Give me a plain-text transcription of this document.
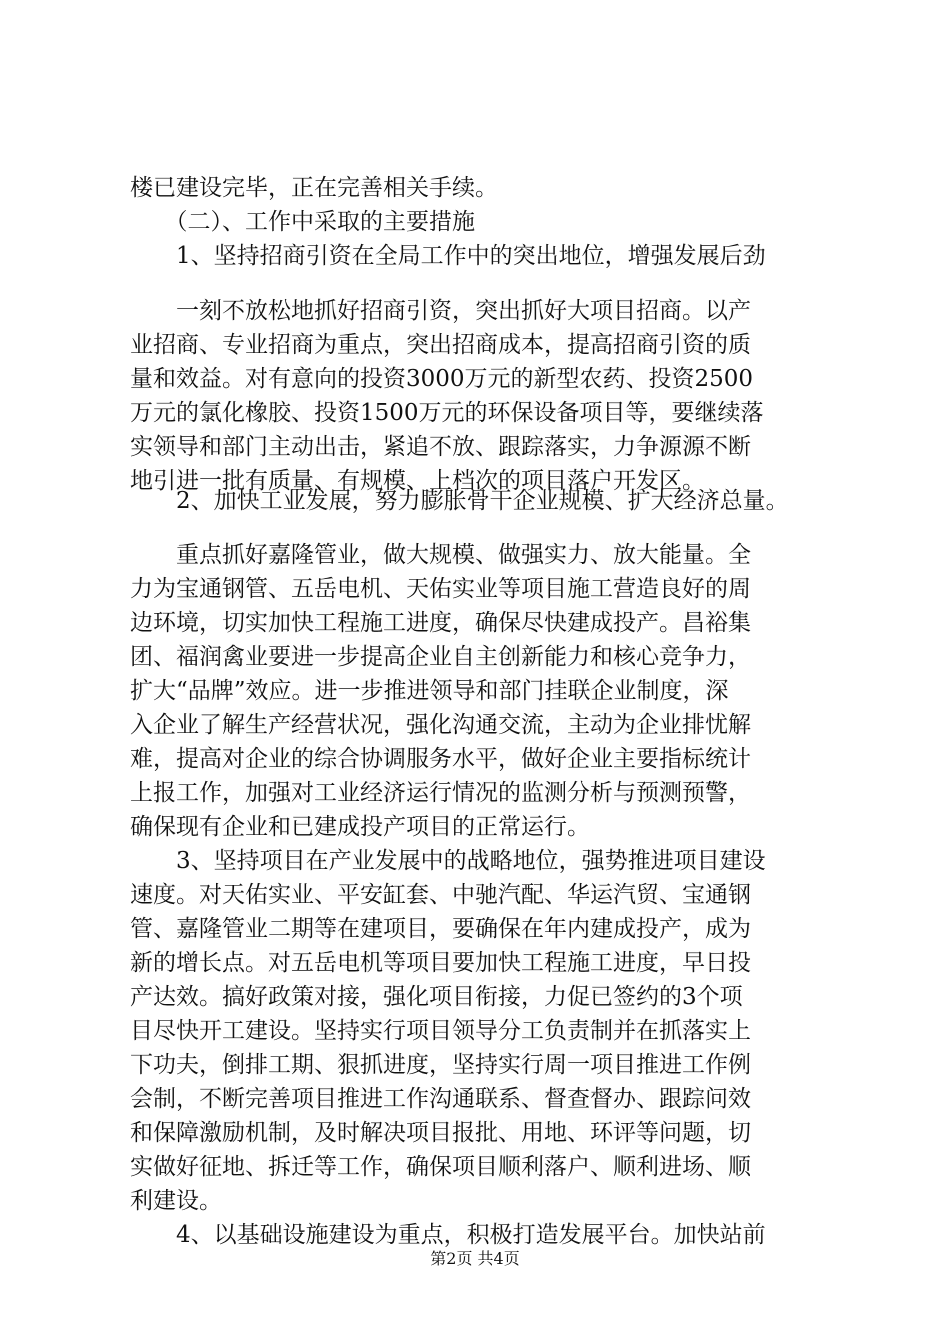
楼已建设完毕，正在完善相关手续。
　　（二）、工作中采取的主要措施
　　1、坚持招商引资在全局工作中的突出地位，增强发展后劲
　　一刻不放松地抓好招商引资，突出抓好大项目招商。以产
业招商、专业招商为重点，突出招商成本，提高招商引资的质
量和效益。对有意向的投资3000万元的新型农药、投资2500
万元的氯化橡胶、投资1500万元的环保设备项目等，要继续落
实领导和部门主动出击，紧追不放、跟踪落实，力争源源不断
地引进一批有质量、有规模、上档次的项目落户开发区。
　　2、加快工业发展，努力膨胀骨干企业规模、扩大经济总量。
　　重点抓好嘉隆管业，做大规模、做强实力、放大能量。全
力为宝通钢管、五岳电机、天佑实业等项目施工营造良好的周
边环境，切实加快工程施工进度，确保尽快建成投产。昌裕集
团、福润禽业要进一步提高企业自主创新能力和核心竞争力，
扩大“品牌”效应。进一步推进领导和部门挂联企业制度，深
入企业了解生产经营状况，强化沟通交流，主动为企业排忧解
难，提高对企业的综合协调服务水平，做好企业主要指标统计
上报工作，加强对工业经济运行情况的监测分析与预测预警，
确保现有企业和已建成投产项目的正常运行。
　　3、坚持项目在产业发展中的战略地位，强势推进项目建设
速度。对天佑实业、平安缸套、中驰汽配、华运汽贸、宝通钢
管、嘉隆管业二期等在建项目，要确保在年内建成投产，成为
新的增长点。对五岳电机等项目要加快工程施工进度，早日投
产达效。搞好政策对接，强化项目衔接，力促已签约的3个项
目尽快开工建设。坚持实行项目领导分工负责制并在抓落实上
下功夫，倒排工期、狠抓进度，坚持实行周一项目推进工作例
会制，不断完善项目推进工作沟通联系、督查督办、跟踪问效
和保障激励机制，及时解决项目报批、用地、环评等问题，切
实做好征地、拆迁等工作，确保项目顺利落户、顺利进场、顺
利建设。
　　4、以基础设施建设为重点，积极打造发展平台。加快站前
第2页 共4页
